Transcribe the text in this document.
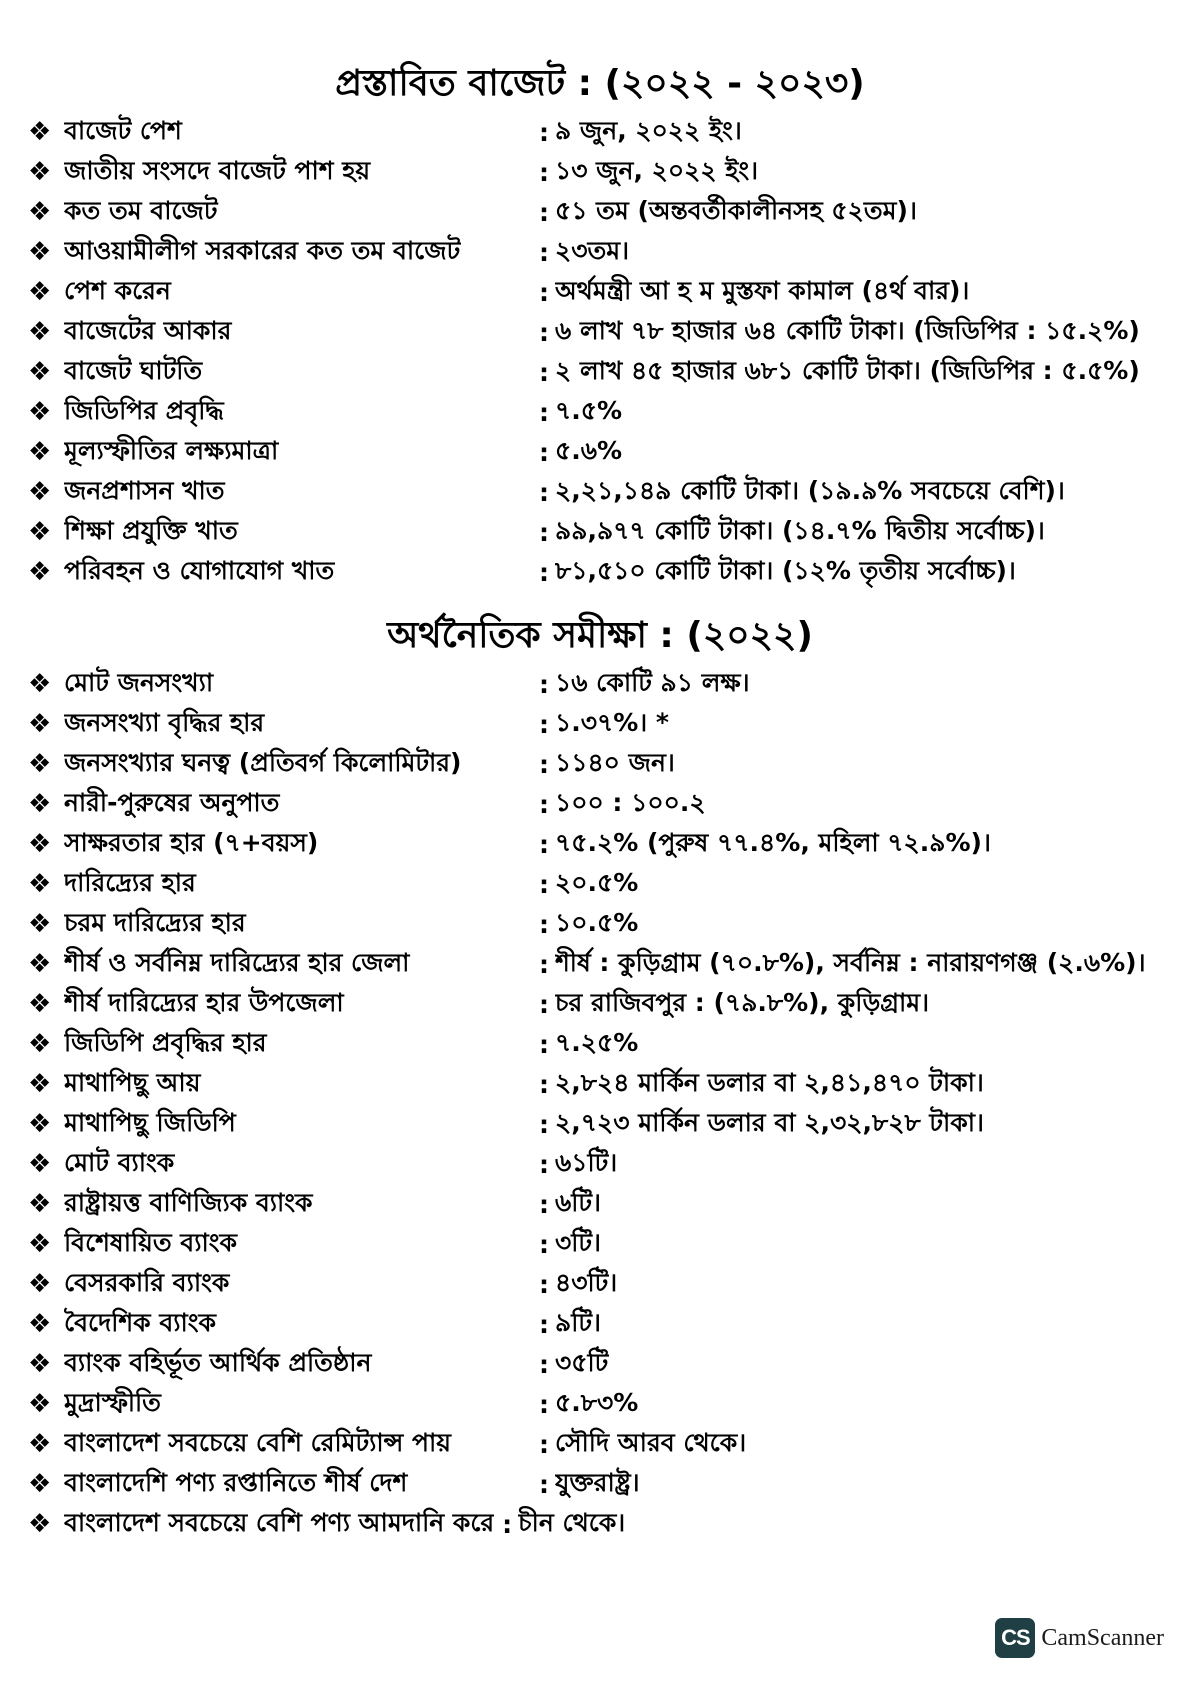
প্রস্তাবিত বাজেট : (২০২২ - ২০২৩)
❖ বাজেট পেশ	: ৯ জুন, ২০২২ ইং।
❖ জাতীয় সংসদে বাজেট পাশ হয়	: ১৩ জুন, ২০২২ ইং।
❖ কত তম বাজেট	: ৫১ তম (অন্তবর্তীকালীনসহ ৫২তম)।
❖ আওয়ামীলীগ সরকারের কত তম বাজেট	: ২৩তম।
❖ পেশ করেন	: অর্থমন্ত্রী আ হ ম মুস্তফা কামাল (৪র্থ বার)।
❖ বাজেটের আকার	: ৬ লাখ ৭৮ হাজার ৬৪ কোটি টাকা। (জিডিপির : ১৫.২%)
❖ বাজেট ঘাটতি	: ২ লাখ ৪৫ হাজার ৬৮১ কোটি টাকা। (জিডিপির : ৫.৫%)
❖ জিডিপির প্রবৃদ্ধি	: ৭.৫%
❖ মূল্যস্ফীতির লক্ষ্যমাত্রা	: ৫.৬%
❖ জনপ্রশাসন খাত	: ২,২১,১৪৯ কোটি টাকা। (১৯.৯% সবচেয়ে বেশি)।
❖ শিক্ষা প্রযুক্তি খাত	: ৯৯,৯৭৭ কোটি টাকা। (১৪.৭% দ্বিতীয় সর্বোচ্চ)।
❖ পরিবহন ও যোগাযোগ খাত	: ৮১,৫১০ কোটি টাকা। (১২% তৃতীয় সর্বোচ্চ)।
অর্থনৈতিক সমীক্ষা : (২০২২)
❖ মোট জনসংখ্যা	: ১৬ কোটি ৯১ লক্ষ।
❖ জনসংখ্যা বৃদ্ধির হার	: ১.৩৭%। *
❖ জনসংখ্যার ঘনত্ব (প্রতিবর্গ কিলোমিটার)	: ১১৪০ জন।
❖ নারী-পুরুষের অনুপাত	: ১০০ : ১০০.২
❖ সাক্ষরতার হার (৭+বয়স)	: ৭৫.২% (পুরুষ ৭৭.৪%, মহিলা ৭২.৯%)।
❖ দারিদ্র্যের হার	: ২০.৫%
❖ চরম দারিদ্র্যের হার	: ১০.৫%
❖ শীর্ষ ও সর্বনিম্ন দারিদ্র্যের হার জেলা	: শীর্ষ : কুড়িগ্রাম (৭০.৮%), সর্বনিম্ন : নারায়ণগঞ্জ (২.৬%)।
❖ শীর্ষ দারিদ্র্যের হার উপজেলা	: চর রাজিবপুর : (৭৯.৮%), কুড়িগ্রাম।
❖ জিডিপি প্রবৃদ্ধির হার	: ৭.২৫%
❖ মাথাপিছু আয়	: ২,৮২৪ মার্কিন ডলার বা ২,৪১,৪৭০ টাকা।
❖ মাথাপিছু জিডিপি	: ২,৭২৩ মার্কিন ডলার বা ২,৩২,৮২৮ টাকা।
❖ মোট ব্যাংক	: ৬১টি।
❖ রাষ্ট্রায়ত্ত বাণিজ্যিক ব্যাংক	: ৬টি।
❖ বিশেষায়িত ব্যাংক	: ৩টি।
❖ বেসরকারি ব্যাংক	: ৪৩টি।
❖ বৈদেশিক ব্যাংক	: ৯টি।
❖ ব্যাংক বহির্ভূত আর্থিক প্রতিষ্ঠান	: ৩৫টি
❖ মুদ্রাস্ফীতি	: ৫.৮৩%
❖ বাংলাদেশ সবচেয়ে বেশি রেমিট্যান্স পায়	: সৌদি আরব থেকে।
❖ বাংলাদেশি পণ্য রপ্তানিতে শীর্ষ দেশ	: যুক্তরাষ্ট্র।
❖ বাংলাদেশ সবচেয়ে বেশি পণ্য আমদানি করে : চীন থেকে।
CS CamScanner
